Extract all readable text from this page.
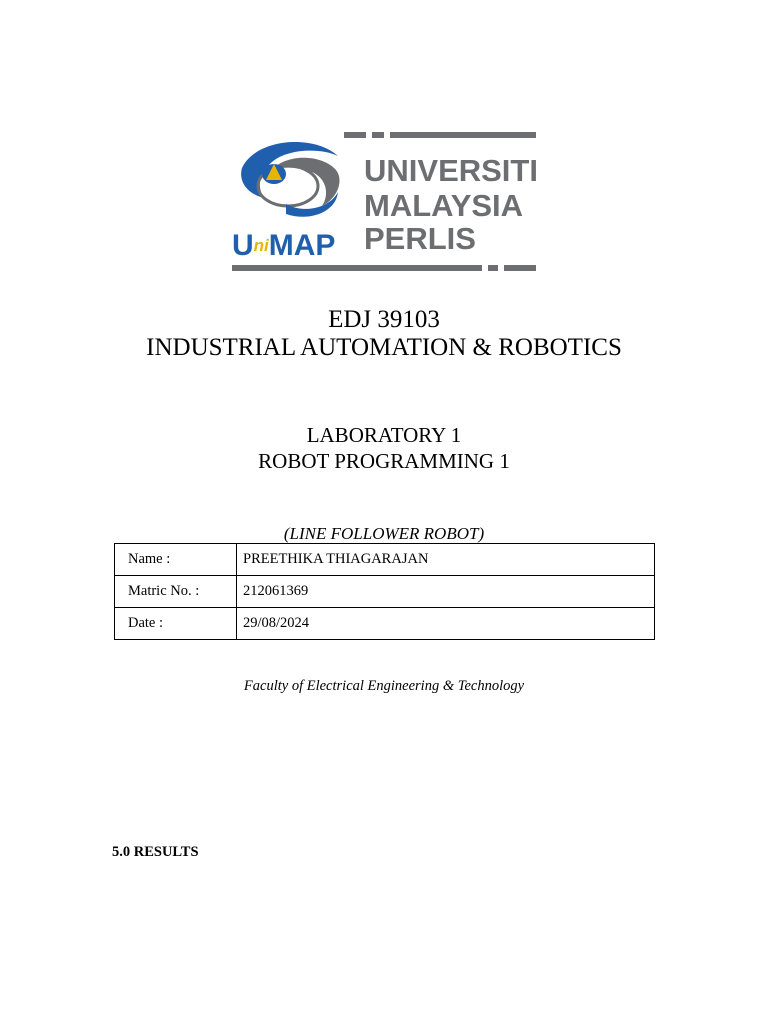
UniMAP
UNIVERSITI
MALAYSIA
PERLIS
EDJ 39103
INDUSTRIAL AUTOMATION & ROBOTICS
LABORATORY 1
ROBOT PROGRAMMING 1
(LINE FOLLOWER ROBOT)
Name :	PREETHIKA THIAGARAJAN
Matric No. :	212061369
Date :	29/08/2024
Faculty of Electrical Engineering & Technology
5.0 RESULTS
